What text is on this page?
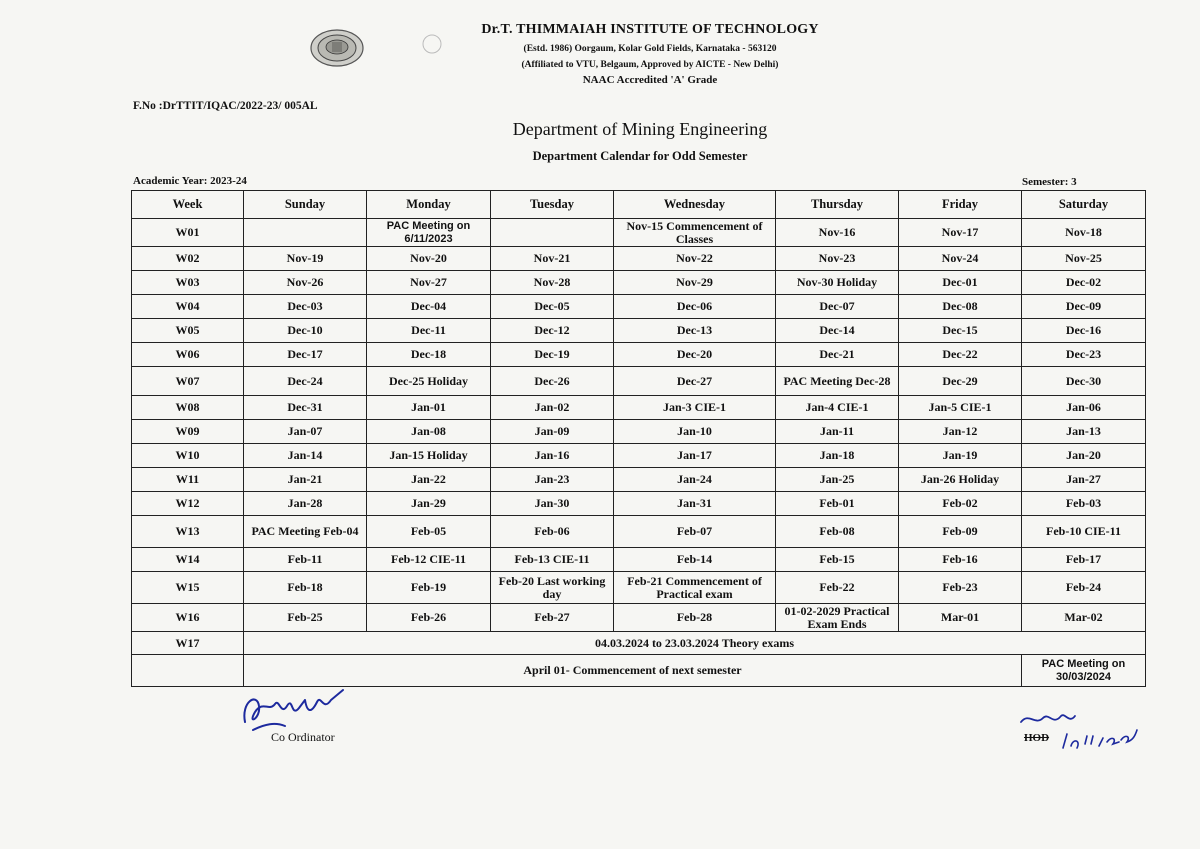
Dr.T. THIMMAIAH INSTITUTE OF TECHNOLOGY
(Estd. 1986) Oorgaum, Kolar Gold Fields, Karnataka - 563120
(Affiliated to VTU, Belgaum, Approved by AICTE - New Delhi)
NAAC Accredited 'A' Grade
F.No :DrTTIT/IQAC/2022-23/ 005AL
Department of Mining Engineering
Department Calendar for Odd Semester
Academic Year: 2023-24	Semester: 3
Week	Sunday	Monday	Tuesday	Wednesday	Thursday	Friday	Saturday
W01		PAC Meeting on 6/11/2023		Nov-15 Commencement of Classes	Nov-16	Nov-17	Nov-18
W02	Nov-19	Nov-20	Nov-21	Nov-22	Nov-23	Nov-24	Nov-25
W03	Nov-26	Nov-27	Nov-28	Nov-29	Nov-30 Holiday	Dec-01	Dec-02
W04	Dec-03	Dec-04	Dec-05	Dec-06	Dec-07	Dec-08	Dec-09
W05	Dec-10	Dec-11	Dec-12	Dec-13	Dec-14	Dec-15	Dec-16
W06	Dec-17	Dec-18	Dec-19	Dec-20	Dec-21	Dec-22	Dec-23
W07	Dec-24	Dec-25 Holiday	Dec-26	Dec-27	PAC Meeting Dec-28	Dec-29	Dec-30
W08	Dec-31	Jan-01	Jan-02	Jan-3 CIE-1	Jan-4 CIE-1	Jan-5 CIE-1	Jan-06
W09	Jan-07	Jan-08	Jan-09	Jan-10	Jan-11	Jan-12	Jan-13
W10	Jan-14	Jan-15 Holiday	Jan-16	Jan-17	Jan-18	Jan-19	Jan-20
W11	Jan-21	Jan-22	Jan-23	Jan-24	Jan-25	Jan-26 Holiday	Jan-27
W12	Jan-28	Jan-29	Jan-30	Jan-31	Feb-01	Feb-02	Feb-03
W13	PAC Meeting Feb-04	Feb-05	Feb-06	Feb-07	Feb-08	Feb-09	Feb-10 CIE-11
W14	Feb-11	Feb-12 CIE-11	Feb-13 CIE-11	Feb-14	Feb-15	Feb-16	Feb-17
W15	Feb-18	Feb-19	Feb-20 Last working day	Feb-21 Commencement of Practical exam	Feb-22	Feb-23	Feb-24
W16	Feb-25	Feb-26	Feb-27	Feb-28	01-02-2029 Practical Exam Ends	Mar-01	Mar-02
W17	04.03.2024 to 23.03.2024 Theory exams						
	April 01- Commencement of next semester						PAC Meeting on 30/03/2024
Co Ordinator	HOD
